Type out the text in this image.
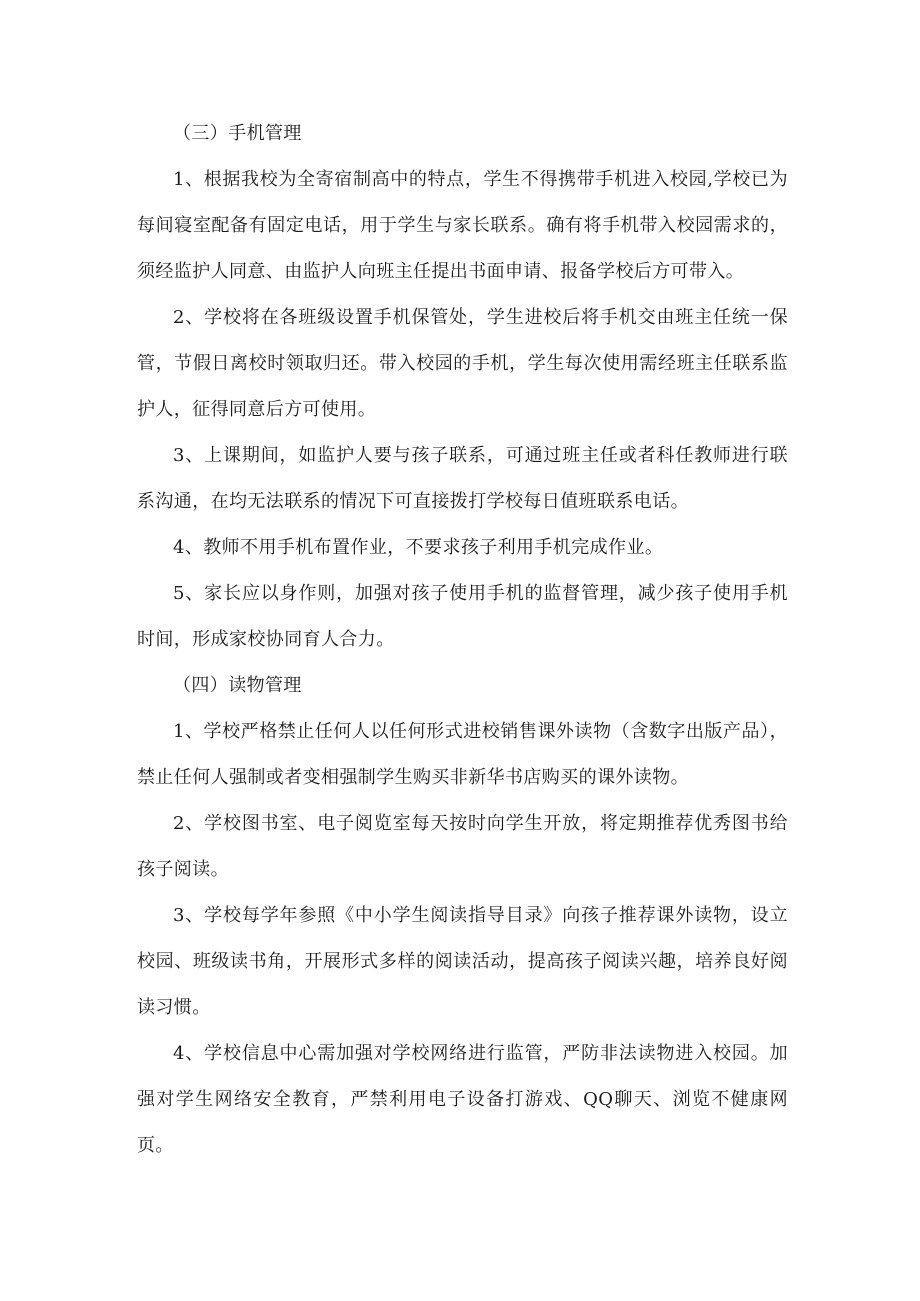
（三）手机管理

1、根据我校为全寄宿制高中的特点，学生不得携带手机进入校园,学校已为每间寝室配备有固定电话，用于学生与家长联系。确有将手机带入校园需求的，须经监护人同意、由监护人向班主任提出书面申请、报备学校后方可带入。

2、学校将在各班级设置手机保管处，学生进校后将手机交由班主任统一保管，节假日离校时领取归还。带入校园的手机，学生每次使用需经班主任联系监护人，征得同意后方可使用。

3、上课期间，如监护人要与孩子联系，可通过班主任或者科任教师进行联系沟通，在均无法联系的情况下可直接拨打学校每日值班联系电话。

4、教师不用手机布置作业，不要求孩子利用手机完成作业。

5、家长应以身作则，加强对孩子使用手机的监督管理，减少孩子使用手机时间，形成家校协同育人合力。

（四）读物管理

1、学校严格禁止任何人以任何形式进校销售课外读物（含数字出版产品），禁止任何人强制或者变相强制学生购买非新华书店购买的课外读物。

2、学校图书室、电子阅览室每天按时向学生开放，将定期推荐优秀图书给孩子阅读。

3、学校每学年参照《中小学生阅读指导目录》向孩子推荐课外读物，设立校园、班级读书角，开展形式多样的阅读活动，提高孩子阅读兴趣，培养良好阅读习惯。

4、学校信息中心需加强对学校网络进行监管，严防非法读物进入校园。加强对学生网络安全教育，严禁利用电子设备打游戏、QQ聊天、浏览不健康网页。
